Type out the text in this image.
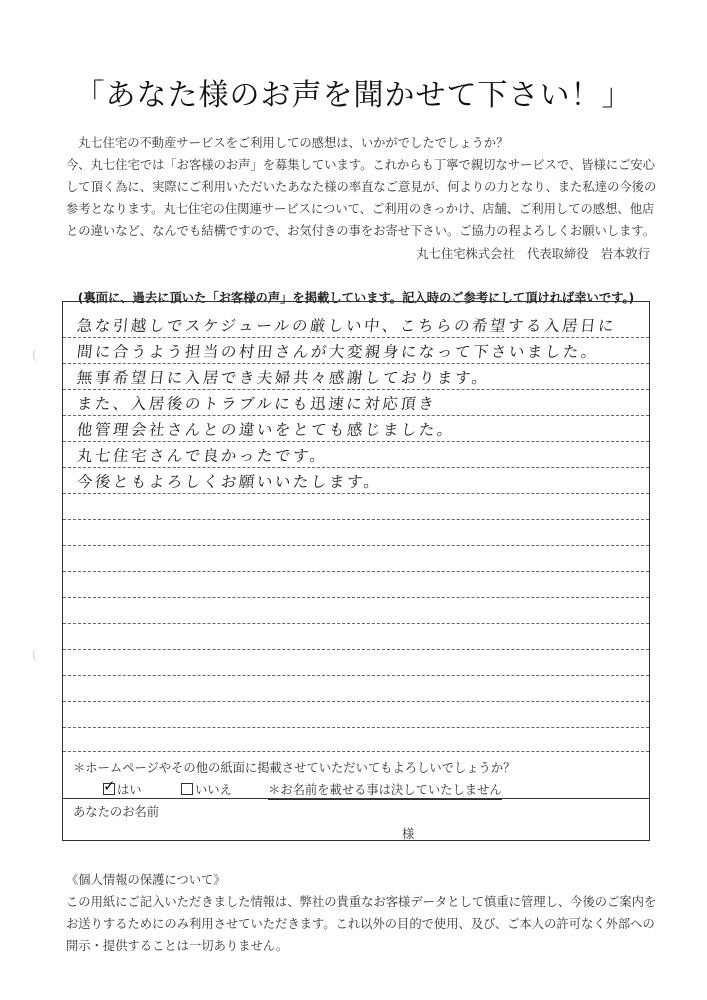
「あなた様のお声を聞かせて下さい！」

丸七住宅の不動産サービスをご利用しての感想は、いかがでしたでしょうか？

今、丸七住宅では「お客様のお声」を募集しています。これからも丁寧で親切なサービスで、皆様にご安心

して頂く為に、実際にご利用いただいたあなた様の率直なご意見が、何よりの力となり、また私達の今後の

参考となります。丸七住宅の住関連サービスについて、ご利用のきっかけ、店舗、ご利用しての感想、他店

との違いなど、なんでも結構ですので、お気付きの事をお寄せ下さい。ご協力の程よろしくお願いします。

丸七住宅株式会社　代表取締役　岩本敦行
(裏面に、過去に頂いた「お客様の声」を掲載しています。記入時のご参考にして頂ければ幸いです。)
急な引越しでスケジュールの厳しい中、こちらの希望する入居日に
間に合うよう担当の村田さんが大変親身になって下さいました。
無事希望日に入居でき夫婦共々感謝しております。
また、入居後のトラブルにも迅速に対応頂き
他管理会社さんとの違いをとても感じました。
丸七住宅さんで良かったです。
今後ともよろしくお願いいたします。
＊ホームページやその他の紙面に掲載させていただいてもよろしいでしょうか？
✓ はい	いいえ	＊お名前を載せる事は決していたしません
あなたのお名前
様

《個人情報の保護について》

この用紙にご記入いただきました情報は、弊社の貴重なお客様データとして慎重に管理し、今後のご案内を

お送りするためにのみ利用させていただきます。これ以外の目的で使用、及び、ご本人の許可なく外部への

開示・提供することは一切ありません。
